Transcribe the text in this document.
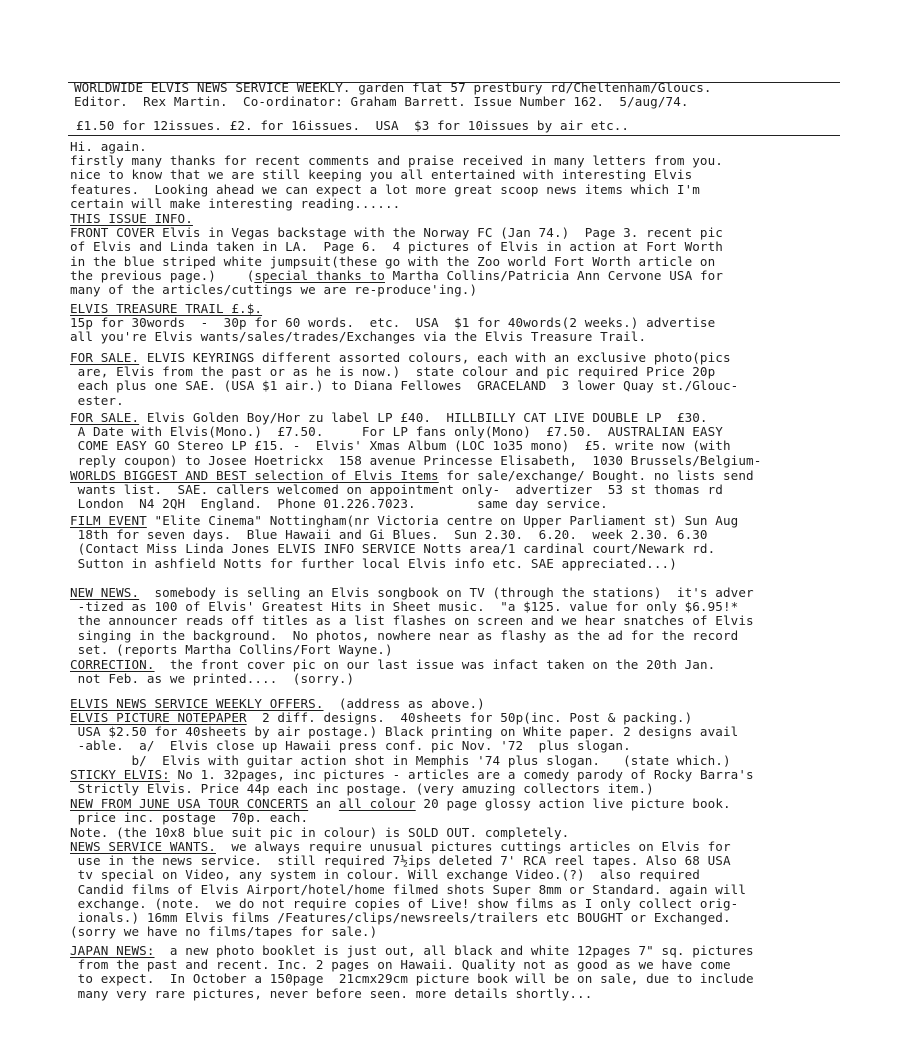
WORLDWIDE ELVIS NEWS SERVICE WEEKLY. garden flat 57 prestbury rd/Cheltenham/Gloucs.
Editor.  Rex Martin.  Co-ordinator: Graham Barrett. Issue Number 162.  5/aug/74.
£1.50 for 12issues. £2. for 16issues.  USA  $3 for 10issues by air etc..
Hi. again.
firstly many thanks for recent comments and praise received in many letters from you.
nice to know that we are still keeping you all entertained with interesting Elvis
features.  Looking ahead we can expect a lot more great scoop news items which I'm
certain will make interesting reading......
THIS ISSUE INFO.
FRONT COVER Elvis in Vegas backstage with the Norway FC (Jan 74.)  Page 3. recent pic
of Elvis and Linda taken in LA.  Page 6.  4 pictures of Elvis in action at Fort Worth
in the blue striped white jumpsuit(these go with the Zoo world Fort Worth article on
the previous page.)    (special thanks to Martha Collins/Patricia Ann Cervone USA for
many of the articles/cuttings we are re-produce'ing.)
ELVIS TREASURE TRAIL £.$.
15p for 30words  -  30p for 60 words.  etc.  USA  $1 for 40words(2 weeks.) advertise
all you're Elvis wants/sales/trades/Exchanges via the Elvis Treasure Trail.
FOR SALE. ELVIS KEYRINGS different assorted colours, each with an exclusive photo(pics
are, Elvis from the past or as he is now.)  state colour and pic required Price 20p
each plus one SAE. (USA $1 air.) to Diana Fellowes  GRACELAND  3 lower Quay st./Glouc-
ester.
FOR SALE. Elvis Golden Boy/Hor zu label LP £40.  HILLBILLY CAT LIVE DOUBLE LP  £30.
A Date with Elvis(Mono.)  £7.50.     For LP fans only(Mono)  £7.50.  AUSTRALIAN EASY
COME EASY GO Stereo LP £15. -  Elvis' Xmas Album (LOC 1o35 mono)  £5. write now (with
reply coupon) to Josee Hoetrickx  158 avenue Princesse Elisabeth,  1030 Brussels/Belgium-
WORLDS BIGGEST AND BEST selection of Elvis Items for sale/exchange/ Bought. no lists send
wants list.  SAE. callers welcomed on appointment only-  advertizer  53 st thomas rd
London  N4 2QH  England.  Phone 01.226.7023.        same day service.
FILM EVENT "Elite Cinema" Nottingham(nr Victoria centre on Upper Parliament st) Sun Aug
18th for seven days.  Blue Hawaii and Gi Blues.  Sun 2.30.  6.20.  week 2.30. 6.30
(Contact Miss Linda Jones ELVIS INFO SERVICE Notts area/1 cardinal court/Newark rd.
Sutton in ashfield Notts for further local Elvis info etc. SAE appreciated...)
NEW NEWS.  somebody is selling an Elvis songbook on TV (through the stations)  it's adver
-tized as 100 of Elvis' Greatest Hits in Sheet music.  "a $125. value for only $6.95!*
the announcer reads off titles as a list flashes on screen and we hear snatches of Elvis
singing in the background.  No photos, nowhere near as flashy as the ad for the record
set. (reports Martha Collins/Fort Wayne.)
CORRECTION.  the front cover pic on our last issue was infact taken on the 20th Jan.
not Feb. as we printed....  (sorry.)
ELVIS NEWS SERVICE WEEKLY OFFERS.  (address as above.)
ELVIS PICTURE NOTEPAPER  2 diff. designs.  40sheets for 50p(inc. Post & packing.)
USA $2.50 for 40sheets by air postage.) Black printing on White paper. 2 designs avail
-able.  a/  Elvis close up Hawaii press conf. pic Nov. '72  plus slogan.
b/  Elvis with guitar action shot in Memphis '74 plus slogan.   (state which.)
STICKY ELVIS: No 1. 32pages, inc pictures - articles are a comedy parody of Rocky Barra's
Strictly Elvis. Price 44p each inc postage. (very amuzing collectors item.)
NEW FROM JUNE USA TOUR CONCERTS an all colour 20 page glossy action live picture book.
price inc. postage  70p. each.
Note. (the 10x8 blue suit pic in colour) is SOLD OUT. completely.
NEWS SERVICE WANTS.  we always require unusual pictures cuttings articles on Elvis for
use in the news service.  still required 7½ips deleted 7' RCA reel tapes. Also 68 USA
tv special on Video, any system in colour. Will exchange Video.(?)  also required
Candid films of Elvis Airport/hotel/home filmed shots Super 8mm or Standard. again will
exchange. (note.  we do not require copies of Live! show films as I only collect orig-
ionals.) 16mm Elvis films /Features/clips/newsreels/trailers etc BOUGHT or Exchanged.
(sorry we have no films/tapes for sale.)
JAPAN NEWS:  a new photo booklet is just out, all black and white 12pages 7" sq. pictures
from the past and recent. Inc. 2 pages on Hawaii. Quality not as good as we have come
to expect.  In October a 150page  21cmx29cm picture book will be on sale, due to include
many very rare pictures, never before seen. more details shortly...
